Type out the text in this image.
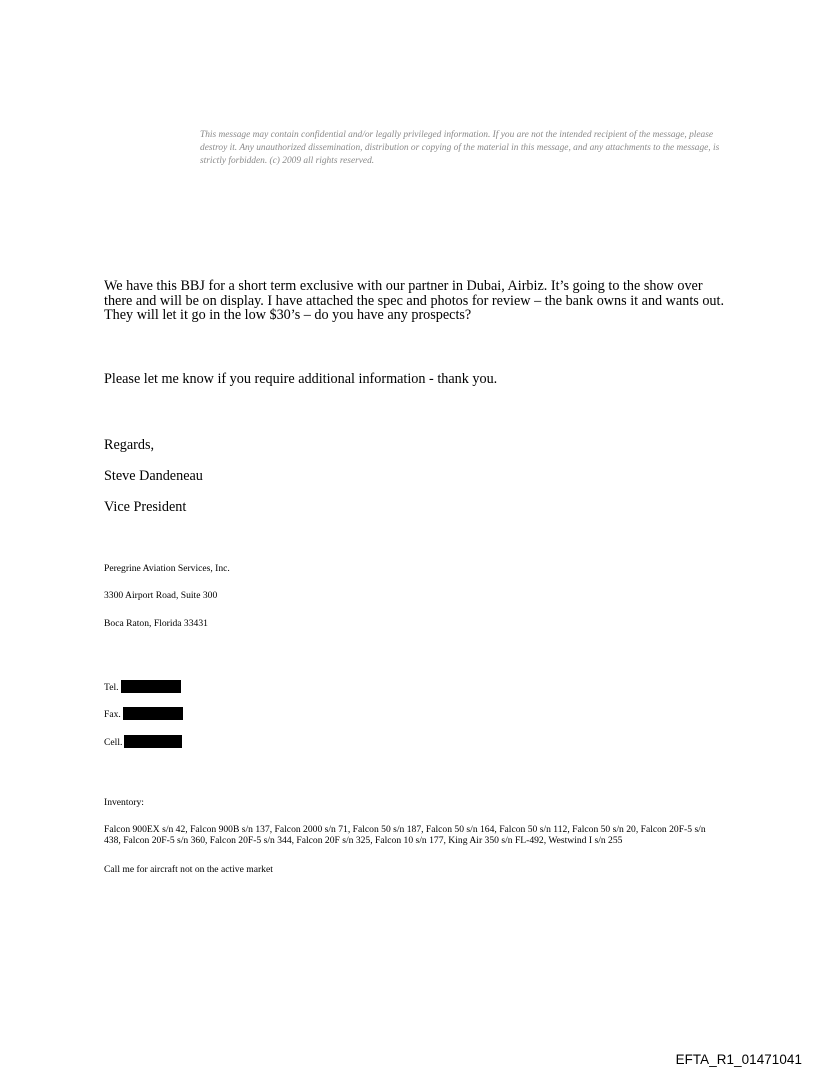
This message may contain confidential and/or legally privileged information. If you are not the intended recipient of the message, please destroy it. Any unauthorized dissemination, distribution or copying of the material in this message, and any attachments to the message, is strictly forbidden. (c) 2009 all rights reserved.
We have this BBJ for a short term exclusive with our partner in Dubai, Airbiz. It’s going to the show over there and will be on display. I have attached the spec and photos for review – the bank owns it and wants out. They will let it go in the low $30’s – do you have any prospects?
Please let me know if you require additional information - thank you.
Regards,
Steve Dandeneau
Vice President
Peregrine Aviation Services, Inc.
3300 Airport Road, Suite 300
Boca Raton, Florida 33431
Tel.
Fax.
Cell.
Inventory:
Falcon 900EX s/n 42, Falcon 900B s/n 137, Falcon 2000 s/n 71, Falcon 50 s/n 187, Falcon 50 s/n 164, Falcon 50 s/n 112, Falcon 50 s/n 20, Falcon 20F-5 s/n 438, Falcon 20F-5 s/n 360, Falcon 20F-5 s/n 344, Falcon 20F s/n 325, Falcon 10 s/n 177, King Air 350 s/n FL-492, Westwind I s/n 255
Call me for aircraft not on the active market
EFTA_R1_01471041
